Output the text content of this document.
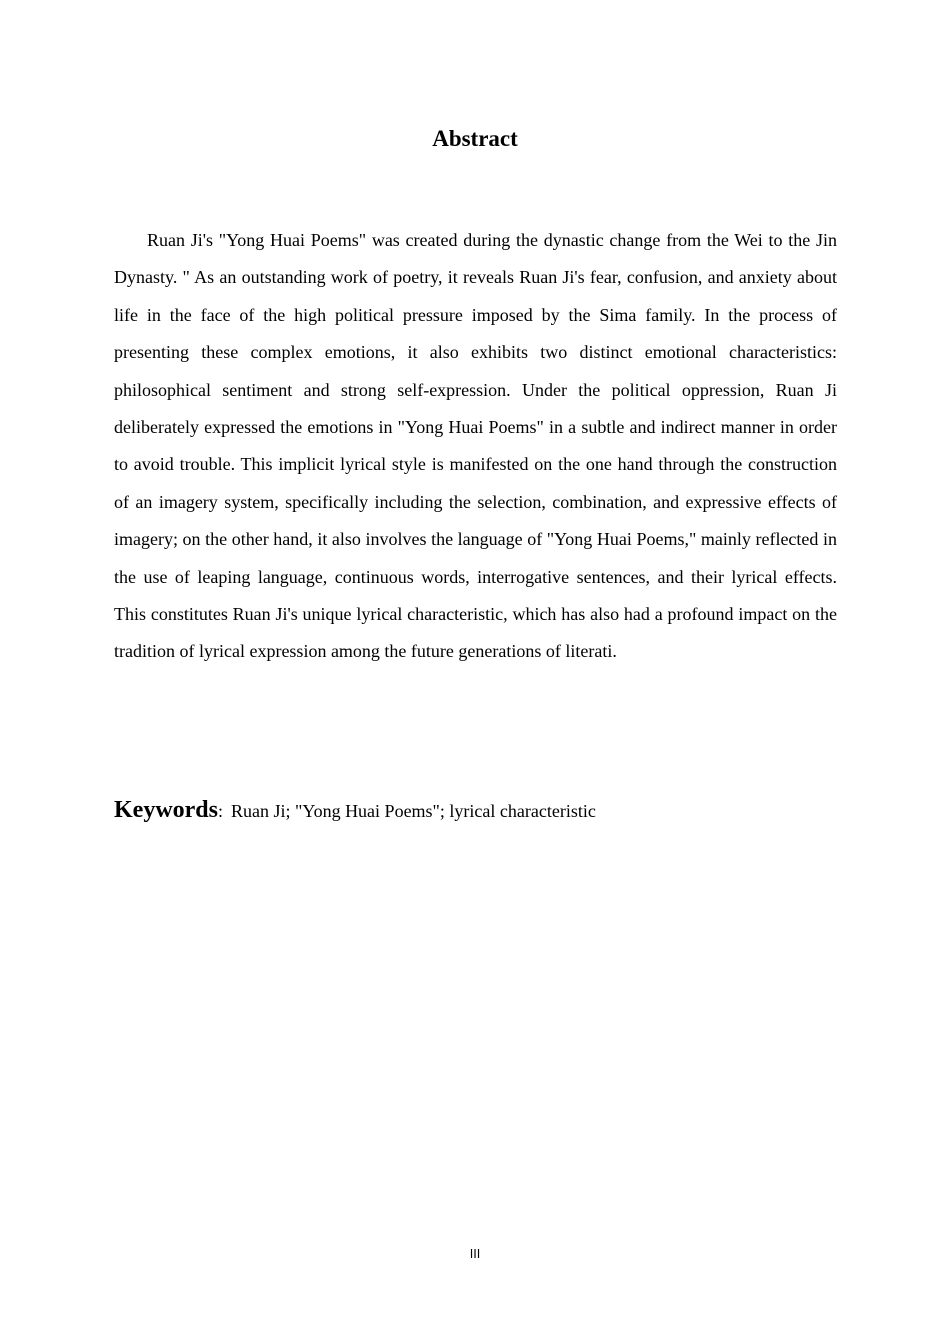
Abstract

Ruan Ji's "Yong Huai Poems" was created during the dynastic change from the Wei to the Jin Dynasty. " As an outstanding work of poetry, it reveals Ruan Ji's fear, confusion, and anxiety about life in the face of the high political pressure imposed by the Sima family. In the process of presenting these complex emotions, it also exhibits two distinct emotional characteristics: philosophical sentiment and strong self-expression. Under the political oppression, Ruan Ji deliberately expressed the emotions in "Yong Huai Poems" in a subtle and indirect manner in order to avoid trouble. This implicit lyrical style is manifested on the one hand through the construction of an imagery system, specifically including the selection, combination, and expressive effects of imagery; on the other hand, it also involves the language of "Yong Huai Poems," mainly reflected in the use of leaping language, continuous words, interrogative sentences, and their lyrical effects. This constitutes Ruan Ji's unique lyrical characteristic, which has also had a profound impact on the tradition of lyrical expression among the future generations of literati.

Keywords: Ruan Ji; "Yong Huai Poems"; lyrical characteristic
III
